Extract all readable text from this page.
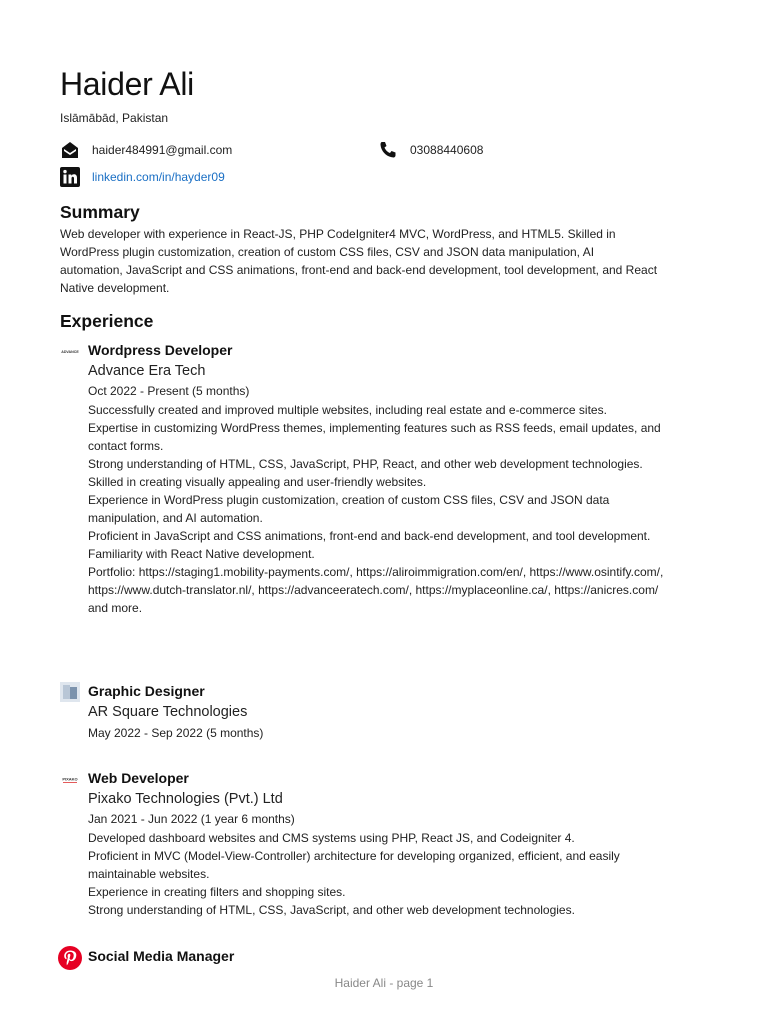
Haider Ali
Islāmābād, Pakistan
haider484991@gmail.com	03088440608
linkedin.com/in/hayder09
Summary
Web developer with experience in React-JS, PHP CodeIgniter4 MVC, WordPress, and HTML5. Skilled in WordPress plugin customization, creation of custom CSS files, CSV and JSON data manipulation, AI automation, JavaScript and CSS animations, front-end and back-end development, tool development, and React Native development.
Experience
ADVANCE Wordpress Developer
Advance Era Tech
Oct 2022 - Present (5 months)
Successfully created and improved multiple websites, including real estate and e-commerce sites.
Expertise in customizing WordPress themes, implementing features such as RSS feeds, email updates, and contact forms.
Strong understanding of HTML, CSS, JavaScript, PHP, React, and other web development technologies.
Skilled in creating visually appealing and user-friendly websites.
Experience in WordPress plugin customization, creation of custom CSS files, CSV and JSON data manipulation, and AI automation.
Proficient in JavaScript and CSS animations, front-end and back-end development, and tool development.
Familiarity with React Native development.
Portfolio: https://staging1.mobility-payments.com/, https://aliroimmigration.com/en/, https://www.osintify.com/, https://www.dutch-translator.nl/, https://advanceeratech.com/, https://myplaceonline.ca/, https://anicres.com/ and more.
Graphic Designer
AR Square Technologies
May 2022 - Sep 2022 (5 months)
PIXAKO Web Developer
Pixako Technologies (Pvt.) Ltd
Jan 2021 - Jun 2022 (1 year 6 months)
Developed dashboard websites and CMS systems using PHP, React JS, and Codeigniter 4.
Proficient in MVC (Model-View-Controller) architecture for developing organized, efficient, and easily maintainable websites.
Experience in creating filters and shopping sites.
Strong understanding of HTML, CSS, JavaScript, and other web development technologies.
Social Media Manager
Haider Ali - page 1
